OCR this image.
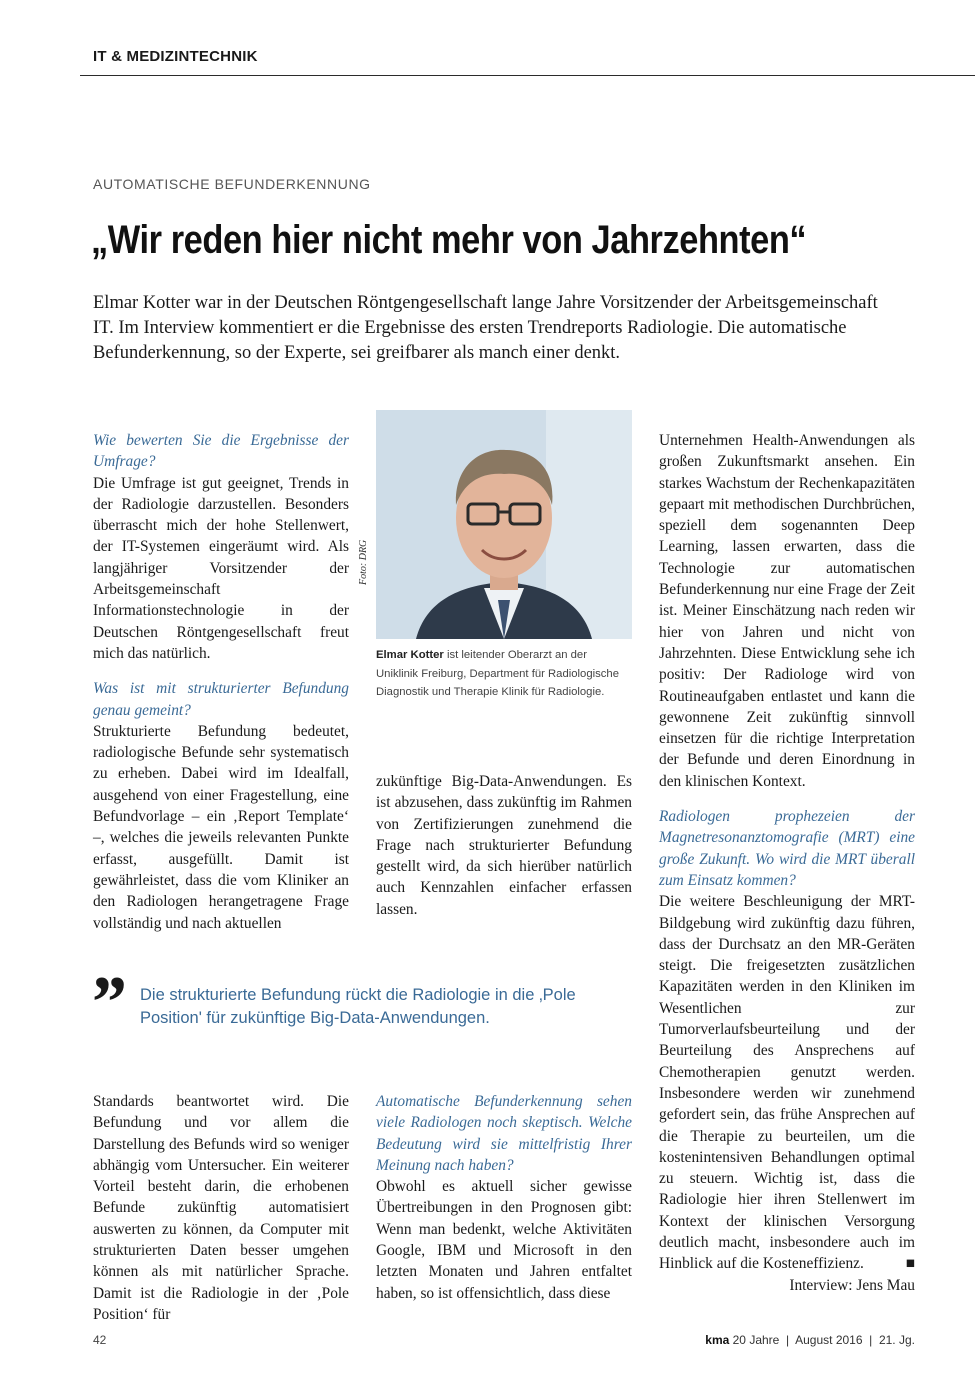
IT & MEDIZINTECHNIK
AUTOMATISCHE BEFUNDERKENNUNG
„Wir reden hier nicht mehr von Jahrzehnten“
Elmar Kotter war in der Deutschen Röntgengesellschaft lange Jahre Vorsitzender der Arbeitsgemeinschaft IT. Im Interview kommentiert er die Ergebnisse des ersten Trendreports Radiologie. Die automatische Befunderkennung, so der Experte, sei greifbarer als manch einer denkt.

Wie bewerten Sie die Ergebnisse der Umfrage?

Die Umfrage ist gut geeignet, Trends in der Radiologie darzustellen. Besonders überrascht mich der hohe Stellenwert, der IT-Systemen eingeräumt wird. Als langjähriger Vorsitzender der Arbeitsgemeinschaft Informationstechnologie in der Deutschen Röntgengesellschaft freut mich das natürlich.

Was ist mit strukturierter Befundung genau gemeint?

Strukturierte Befundung bedeutet, radiologische Befunde sehr systematisch zu erheben. Dabei wird im Idealfall, ausgehend von einer Fragestellung, eine Befundvorlage – ein ‚Report Template‘ –, welches die jeweils relevanten Punkte erfasst, ausgefüllt. Damit ist gewährleistet, dass die vom Kliniker an den Radiologen herangetragene Frage vollständig und nach aktuellen

Foto: DRG
Elmar Kotter ist leitender Oberarzt an der Uniklinik Freiburg, Department für Radiologische Diagnostik und Therapie Klinik für Radiologie.

zukünftige Big-Data-Anwendungen. Es ist abzusehen, dass zukünftig im Rahmen von Zertifizierungen zunehmend die Frage nach strukturierter Befundung gestellt wird, da sich hierüber natürlich auch Kennzahlen einfacher erfassen lassen.

Unternehmen Health-Anwendungen als großen Zukunftsmarkt ansehen. Ein starkes Wachstum der Rechenkapazitäten gepaart mit methodischen Durchbrüchen, speziell dem sogenannten Deep Learning, lassen erwarten, dass die Technologie zur automatischen Befunderkennung nur eine Frage der Zeit ist. Meiner Einschätzung nach reden wir hier von Jahren und nicht von Jahrzehnten. Diese Entwicklung sehe ich positiv: Der Radiologe wird von Routineaufgaben entlastet und kann die gewonnene Zeit zukünftig sinnvoll einsetzen für die richtige Interpretation der Befunde und deren Einordnung in den klinischen Kontext.

Radiologen prophezeien der Magnetresonanztomografie (MRT) eine große Zukunft. Wo wird die MRT überall zum Einsatz kommen?

Die weitere Beschleunigung der MRT-Bildgebung wird zukünftig dazu führen, dass der Durchsatz an den MR-Geräten steigt. Die freigesetzten zusätzlichen Kapazitäten werden in den Kliniken im Wesentlichen zur Tumorverlaufsbeurteilung und der Beurteilung des Ansprechens auf Chemotherapien genutzt werden. Insbesondere werden wir zunehmend gefordert sein, das frühe Ansprechen auf die Therapie zu beurteilen, um die kostenintensiven Behandlungen optimal zu steuern. Wichtig ist, dass die Radiologie hier ihren Stellenwert im Kontext der klinischen Versorgung deutlich macht, insbesondere auch im Hinblick auf die Kosteneffizienz.	■

Interview: Jens Mau

” Die strukturierte Befundung rückt die Radiologie in die ‚Pole Position' für zukünftige Big-Data-Anwendungen.

Standards beantwortet wird. Die Befundung und vor allem die Darstellung des Befunds wird so weniger abhängig vom Untersucher. Ein weiterer Vorteil besteht darin, die erhobenen Befunde zukünftig automatisiert auswerten zu können, da Computer mit strukturierten Daten besser umgehen können als mit natürlicher Sprache. Damit ist die Radiologie in der ‚Pole Position‘ für

Automatische Befunderkennung sehen viele Radiologen noch skeptisch. Welche Bedeutung wird sie mittelfristig Ihrer Meinung nach haben?

Obwohl es aktuell sicher gewisse Übertreibungen in den Prognosen gibt: Wenn man bedenkt, welche Aktivitäten Google, IBM und Microsoft in den letzten Monaten und Jahren entfaltet haben, so ist offensichtlich, dass diese

42	kma 20 Jahre  |  August 2016  |  21. Jg.
